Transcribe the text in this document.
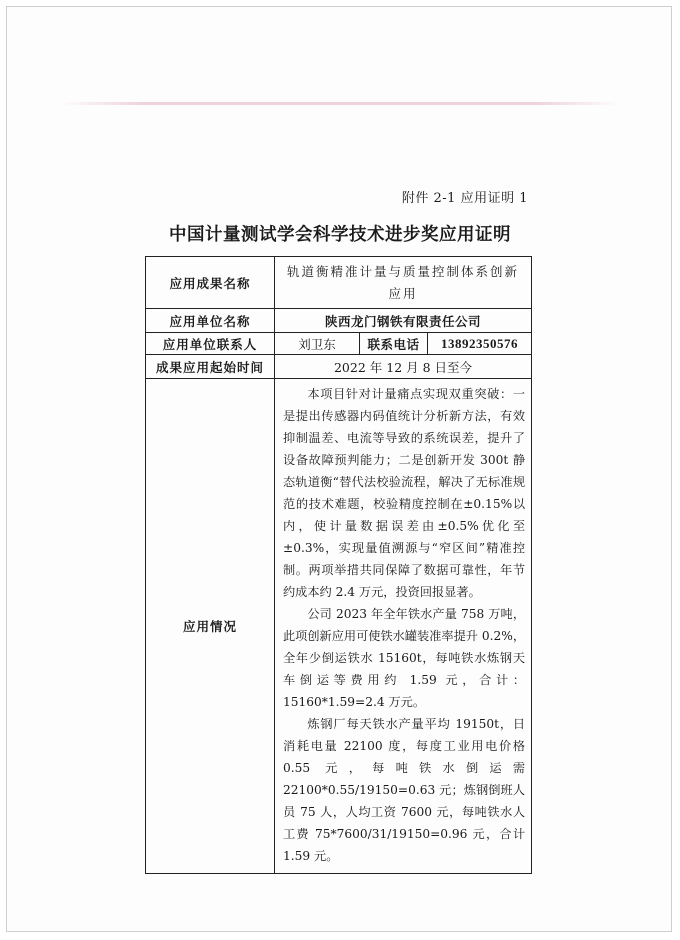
附件 2-1 应用证明 1
中国计量测试学会科学技术进步奖应用证明
应用成果名称	轨道衡精准计量与质量控制体系创新应用		
应用单位名称	陕西龙门钢铁有限责任公司		
应用单位联系人	刘卫东	联系电话	13892350576
成果应用起始时间	2022 年 12 月 8 日至今		
应用情况	本项目针对计量痛点实现双重突破：一是提出传感器内码值统计分析新方法，有效抑制温差、电流等导致的系统误差，提升了设备故障预判能力；二是创新开发 300t 静态轨道衡“替代法校验流程，解决了无标准规范的技术难题，校验精度控制在±0.15%以内，使计量数据误差由±0.5%优化至±0.3%，实现量值溯源与“窄区间”精准控制。两项举措共同保障了数据可靠性，年节约成本约 2.4 万元，投资回报显著。

公司 2023 年全年铁水产量 758 万吨，此项创新应用可使铁水罐装准率提升 0.2%，全年少倒运铁水 15160t，每吨铁水炼钢天车倒运等费用约 1.59 元，合计：15160*1.59=2.4 万元。

炼钢厂每天铁水产量平均 19150t，日消耗电量 22100 度，每度工业用电价格 0.55 元，每吨铁水倒运需 22100*0.55/19150=0.63 元；炼钢倒班人员 75 人，人均工资 7600 元，每吨铁水人工费 75*7600/31/19150=0.96 元，合计 1.59 元。		
